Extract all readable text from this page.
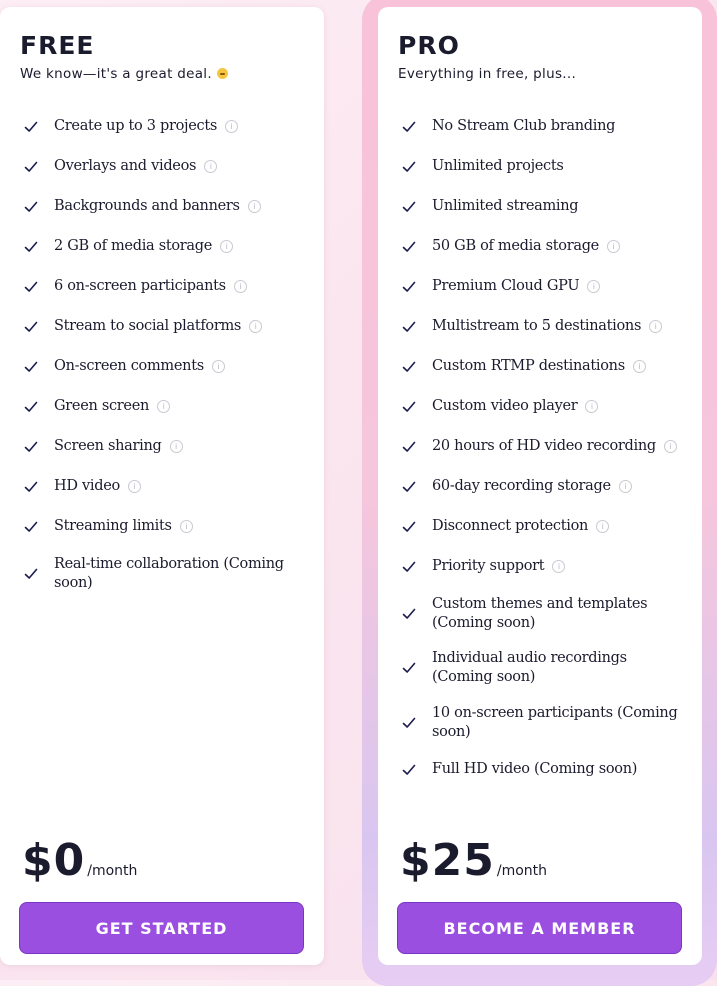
FREE

We know—it's a great deal.

Create up to 3 projects i
Overlays and videos i
Backgrounds and banners i
2 GB of media storage i
6 on-screen participants i
Stream to social platforms i
On-screen comments i
Green screen i
Screen sharing i
HD video i
Streaming limits i
Real-time collaboration (Coming soon)
$0 /month
GET STARTED
PRO

Everything in free, plus...

No Stream Club branding
Unlimited projects
Unlimited streaming
50 GB of media storage i
Premium Cloud GPU i
Multistream to 5 destinations i
Custom RTMP destinations i
Custom video player i
20 hours of HD video recording i
60-day recording storage i
Disconnect protection i
Priority support i
Custom themes and templates (Coming soon)
Individual audio recordings (Coming soon)
10 on-screen participants (Coming soon)
Full HD video (Coming soon)
$25 /month
BECOME A MEMBER
